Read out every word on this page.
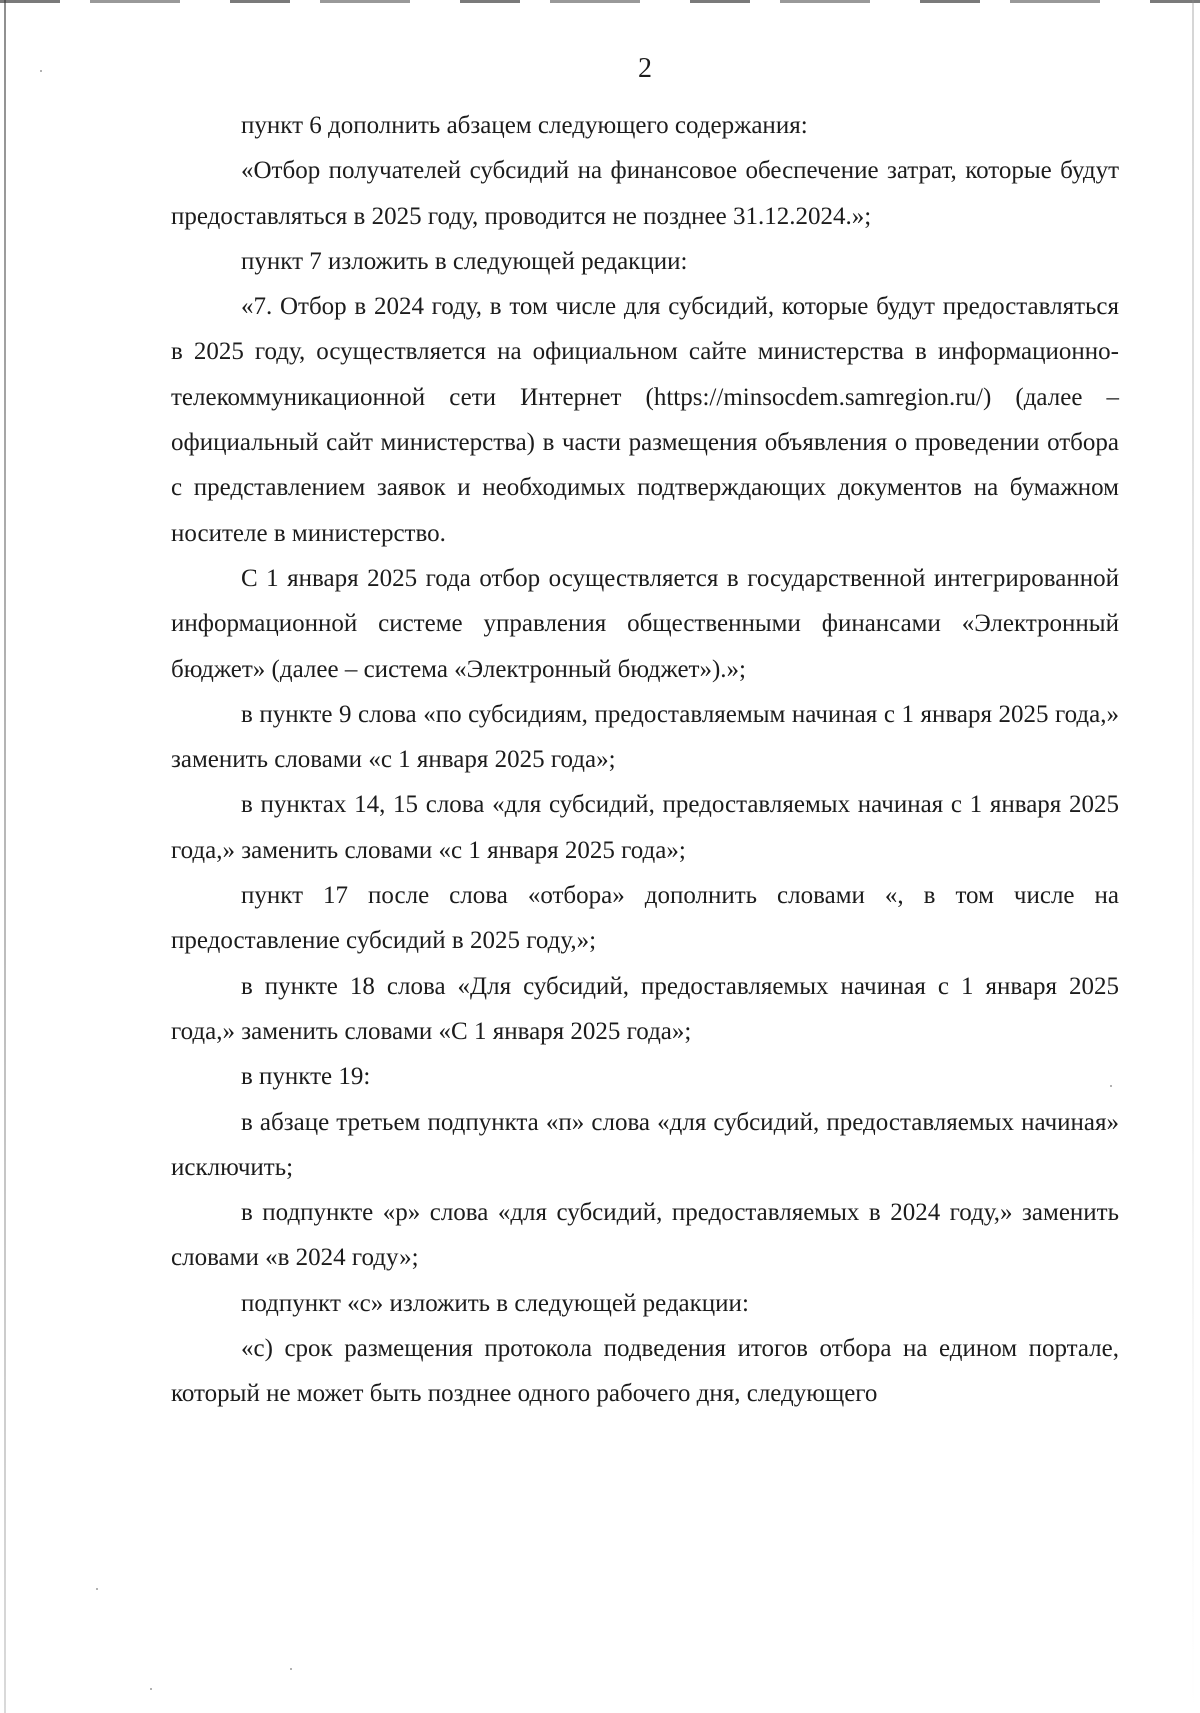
2

пункт 6 дополнить абзацем следующего содержания:

«Отбор получателей субсидий на финансовое обеспечение затрат, которые будут предоставляться в 2025 году, проводится не позднее 31.12.2024.»;

пункт 7 изложить в следующей редакции:

«7. Отбор в 2024 году, в том числе для субсидий, которые будут предоставляться в 2025 году, осуществляется на официальном сайте министерства в информационно-телекоммуникационной сети Интернет (https://minsocdem.samregion.ru/) (далее – официальный сайт министерства) в части размещения объявления о проведении отбора с представлением заявок и необходимых подтверждающих документов на бумажном носителе в министерство.

С 1 января 2025 года отбор осуществляется в государственной интегрированной информационной системе управления общественными финансами «Электронный бюджет» (далее – система «Электронный бюджет»).»;

в пункте 9 слова «по субсидиям, предоставляемым начиная с 1 января 2025 года,» заменить словами «с 1 января 2025 года»;

в пунктах 14, 15 слова «для субсидий, предоставляемых начиная с 1 января 2025 года,» заменить словами «с 1 января 2025 года»;

пункт 17 после слова «отбора» дополнить словами «, в том числе на предоставление субсидий в 2025 году,»;

в пункте 18 слова «Для субсидий, предоставляемых начиная с 1 января 2025 года,» заменить словами «С 1 января 2025 года»;

в пункте 19:

в абзаце третьем подпункта «п» слова «для субсидий, предоставляемых начиная» исключить;

в подпункте «р» слова «для субсидий, предоставляемых в 2024 году,» заменить словами «в 2024 году»;

подпункт «с» изложить в следующей редакции:

«с) срок размещения протокола подведения итогов отбора на едином портале, который не может быть позднее одного рабочего дня, следующего
